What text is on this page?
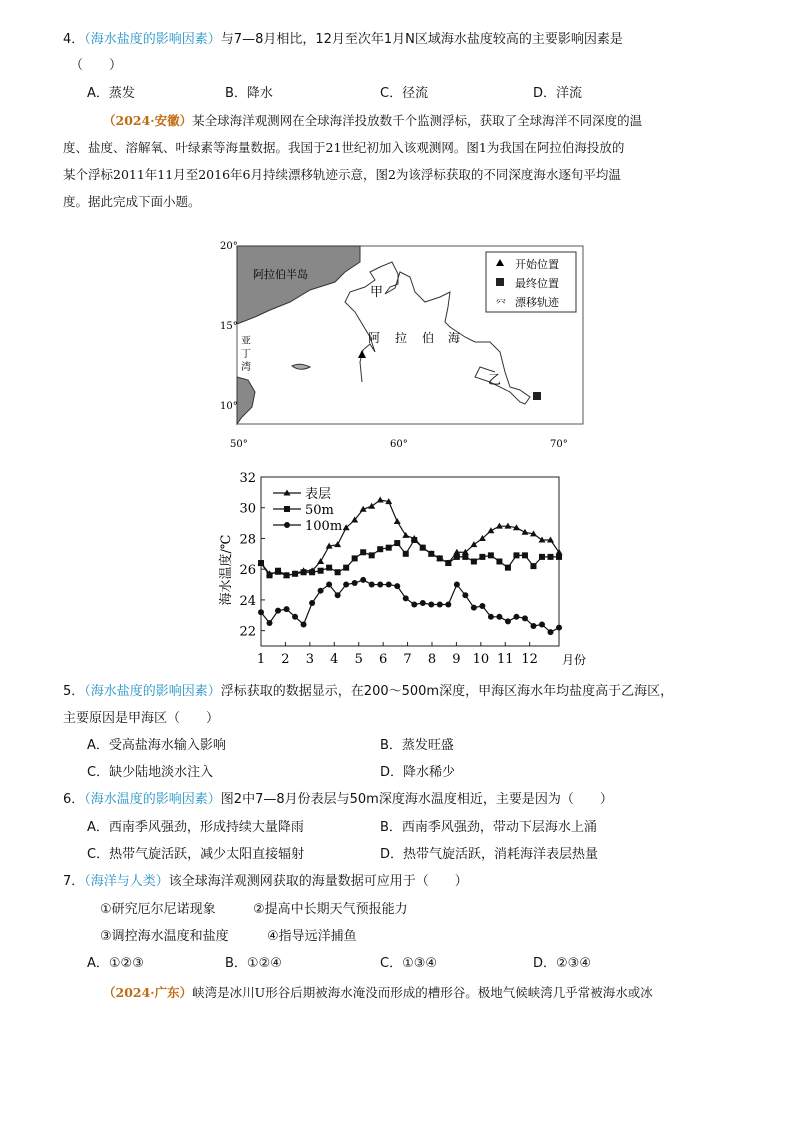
4．（海水盐度的影响因素）与7—8月相比，12月至次年1月N区域海水盐度较高的主要影响因素是
（　　）
A．蒸发	B．降水	C．径流	D．洋流
（2024·安徽）某全球海洋观测网在全球海洋投放数千个监测浮标，获取了全球海洋不同深度的温
度、盐度、溶解氧、叶绿素等海量数据。我国于21世纪初加入该观测网。图1为我国在阿拉伯海投放的
某个浮标2011年11月至2016年6月持续漂移轨迹示意，图2为该浮标获取的不同深度海水逐旬平均温
度。据此完成下面小题。
甲
乙
阿拉伯半岛
亚
丁
湾
阿 拉 伯 海
㓁
开始位置
最终位置
漂移轨迹
20°
15°
10°
50°	60°	70°
22
24
26
28
30
32
1 2 3 4 5 6 7 8 9 10 11 12
表层
50m
100m
海水温度/℃
月份
5．（海水盐度的影响因素）浮标获取的数据显示，在200～500m深度，甲海区海水年均盐度高于乙海区，
主要原因是甲海区（　　）
A．受高盐海水输入影响	B．蒸发旺盛
C．缺少陆地淡水注入	D．降水稀少
6．（海水温度的影响因素）图2中7—8月份表层与50m深度海水温度相近，主要是因为（　　）
A．西南季风强劲，形成持续大量降雨	B．西南季风强劲，带动下层海水上涌
C．热带气旋活跃，减少太阳直接辐射	D．热带气旋活跃，消耗海洋表层热量
7．（海洋与人类）该全球海洋观测网获取的海量数据可应用于（　　）
①研究厄尔尼诺现象	②提高中长期天气预报能力
③调控海水温度和盐度	④指导远洋捕鱼
A．①②③	B．①②④	C．①③④	D．②③④
（2024·广东）峡湾是冰川U形谷后期被海水淹没而形成的槽形谷。极地气候峡湾几乎常被海水或冰
